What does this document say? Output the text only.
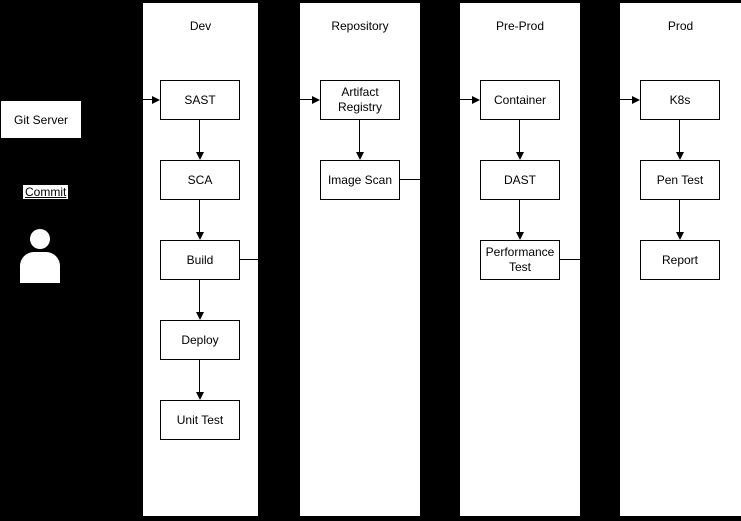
Dev	Repository	Pre-Prod	Prod
Git Server
Commit
SAST
SCA
Build
Deploy
Unit Test
Artifact Registry
Image Scan
Container
DAST
Performance Test
K8s
Pen Test
Report
